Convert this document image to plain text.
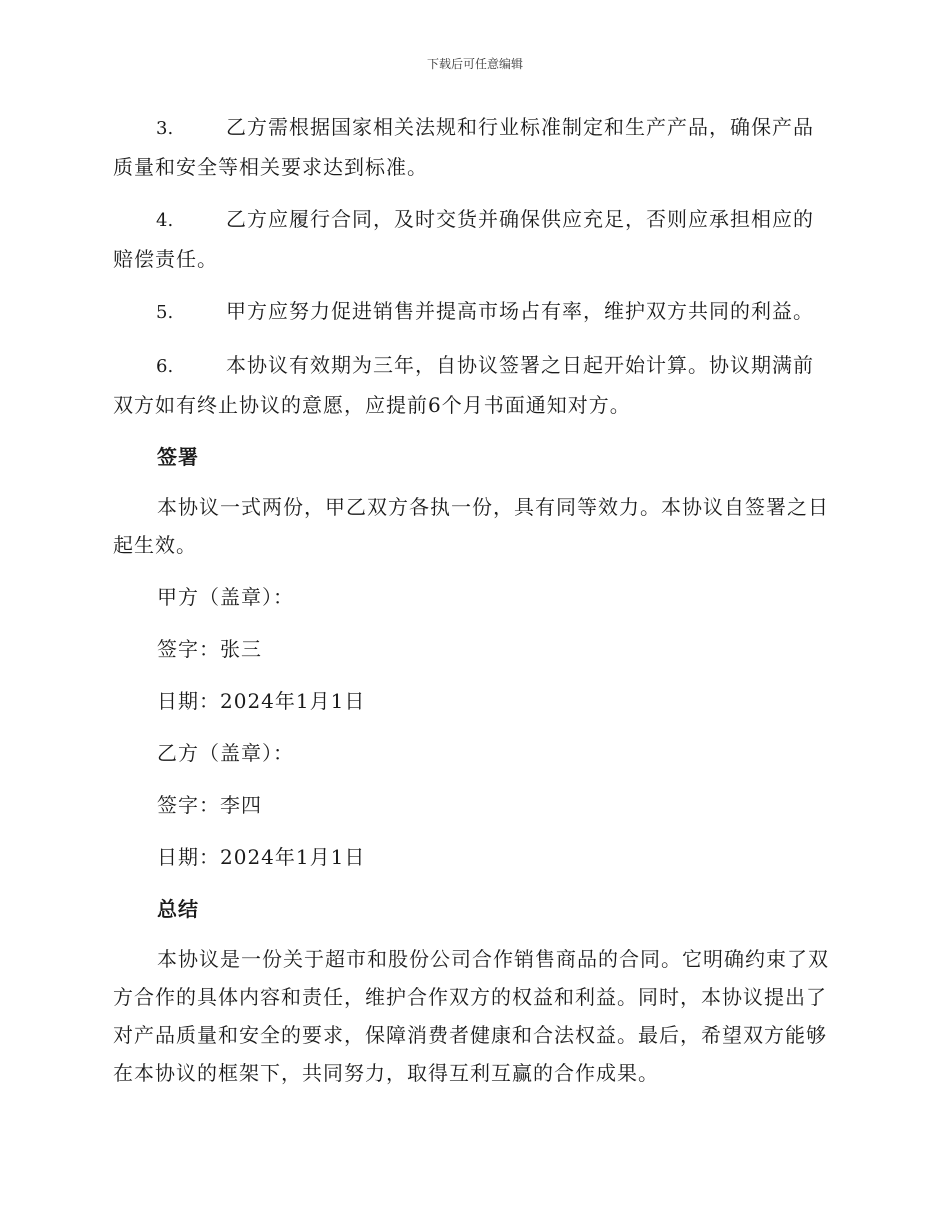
下载后可任意编辑
3.	乙方需根据国家相关法规和行业标准制定和生产产品，确保产品质量和安全等相关要求达到标准。
4.	乙方应履行合同，及时交货并确保供应充足，否则应承担相应的赔偿责任。
5.	甲方应努力促进销售并提高市场占有率，维护双方共同的利益。
6.	本协议有效期为三年，自协议签署之日起开始计算。协议期满前双方如有终止协议的意愿，应提前6个月书面通知对方。
签署
本协议一式两份，甲乙双方各执一份，具有同等效力。本协议自签署之日起生效。
甲方（盖章）：
签字：张三
日期：2024年1月1日
乙方（盖章）：
签字：李四
日期：2024年1月1日
总结
本协议是一份关于超市和股份公司合作销售商品的合同。它明确约束了双方合作的具体内容和责任，维护合作双方的权益和利益。同时，本协议提出了对产品质量和安全的要求，保障消费者健康和合法权益。最后，希望双方能够在本协议的框架下，共同努力，取得互利互赢的合作成果。
